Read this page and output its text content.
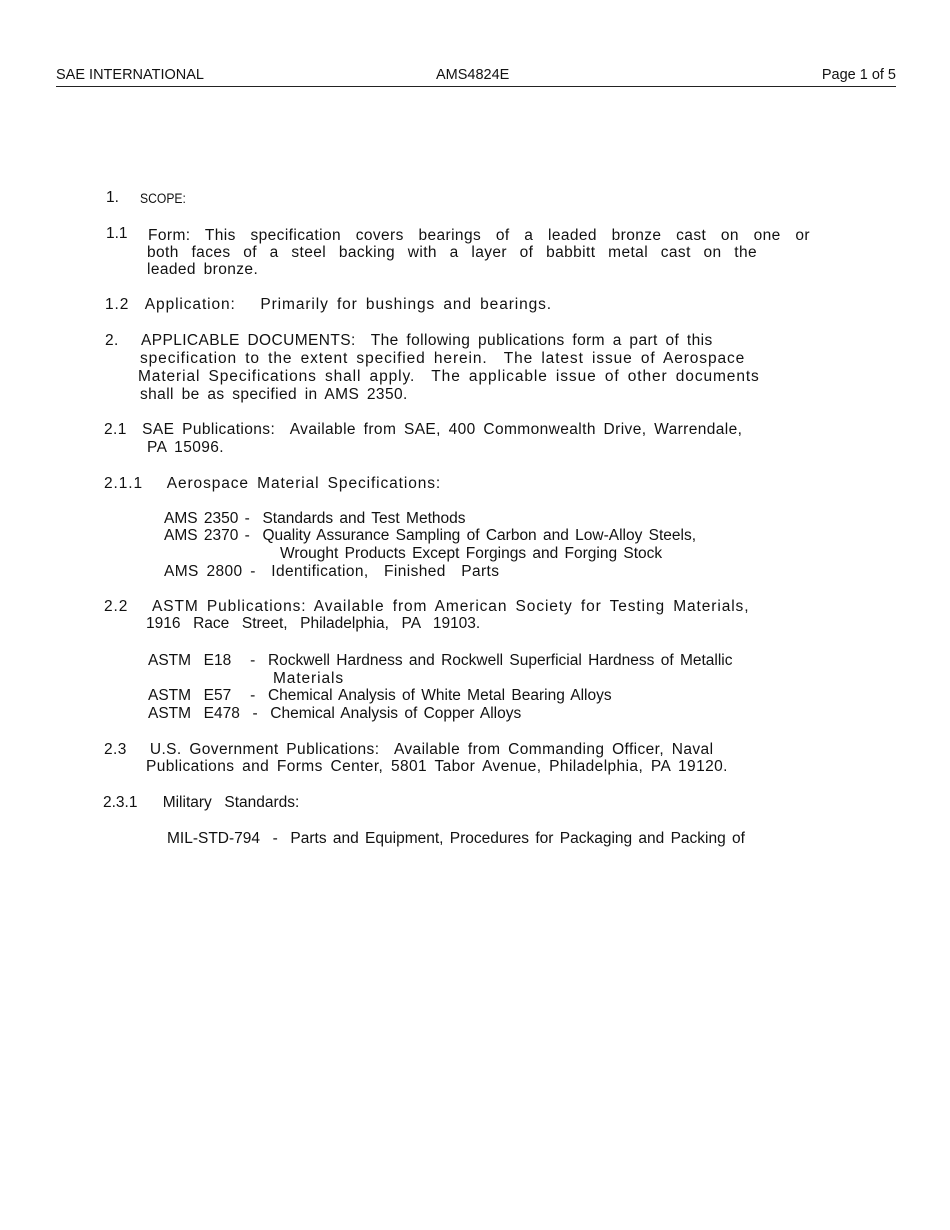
SAE INTERNATIONAL	AMS4824E	Page 1 of 5
1. SCOPE:
1.1 Form: This specification covers bearings of a leaded bronze cast on one or
both faces of a steel backing with a layer of babbitt metal cast on the
leaded bronze.
1.2  Application:   Primarily for bushings and bearings.
2.   APPLICABLE DOCUMENTS:  The following publications form a part of this
specification to the extent specified herein.  The latest issue of Aerospace
Material Specifications shall apply.  The applicable issue of other documents
shall be as specified in AMS 2350.
2.1  SAE Publications:  Available from SAE, 400 Commonwealth Drive, Warrendale,
PA 15096.
2.1.1   Aerospace Material Specifications:
AMS 2350 -  Standards and Test Methods
AMS 2370 -  Quality Assurance Sampling of Carbon and Low-Alloy Steels,
Wrought Products Except Forgings and Forging Stock
AMS 2800 -  Identification,  Finished  Parts
2.2   ASTM Publications: Available from American Society for Testing Materials,
1916  Race  Street,  Philadelphia,  PA  19103.
ASTM  E18   -  Rockwell Hardness and Rockwell Superficial Hardness of Metallic
Materials
ASTM  E57   -  Chemical Analysis of White Metal Bearing Alloys
ASTM  E478  -  Chemical Analysis of Copper Alloys
2.3   U.S. Government Publications:  Available from Commanding Officer, Naval
Publications and Forms Center, 5801 Tabor Avenue, Philadelphia, PA 19120.
2.3.1    Military  Standards:
MIL-STD-794  -  Parts and Equipment, Procedures for Packaging and Packing of
